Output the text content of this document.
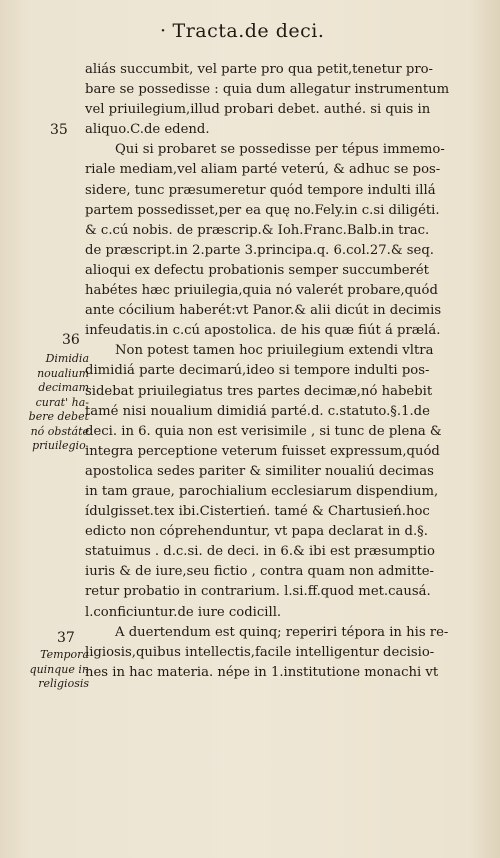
· Tracta.de deci.
35
36
37
Dimidia
noualium
decimam
curat' ha-
bere debet
nó obstáte
priuilegio.
Tempora
quinque in
religiosis
aliás succumbit, vel parte pro qua petit,tenetur pro-
bare se possedisse : quia dum allegatur instrumentum
vel priuilegium,illud probari debet. authé. si quis in
aliquo.C.de edend.
Qui si probaret se possedisse per tépus immemo-
riale mediam,vel aliam parté veterú, & adhuc se pos-
sidere, tunc præsumeretur quód tempore indulti illá
partem possedisset,per ea quę no.Fely.in c.si diligéti.
& c.cú nobis. de præscrip.& Ioh.Franc.Balb.in trac.
de præscript.in 2.parte 3.principa.q. 6.col.27.& seq.
alioqui ex defectu probationis semper succumberét
habétes hæc priuilegia,quia nó valerét probare,quód
ante cócilium haberét:vt Panor.& alii dicút in decimis
infeudatis.in c.cú apostolica. de his quæ fiút á prælá.
Non potest tamen hoc priuilegium extendi vltra
dimidiá parte decimarú,ideo si tempore indulti pos-
sidebat priuilegiatus tres partes decimæ,nó habebit
tamé nisi noualium dimidiá parté.d. c.statuto.§.1.de
deci. in 6. quia non est verisimile , si tunc de plena &
integra perceptione veterum fuisset expressum,quód
apostolica sedes pariter & similiter noualiú decimas
in tam graue, parochialium ecclesiarum dispendium,
ídulgisset.tex ibi.Cistertień. tamé & Chartusień.hoc
edicto non cóprehenduntur, vt papa declarat in d.§.
statuimus . d.c.si. de deci. in 6.& ibi est præsumptio
iuris & de iure,seu fictio , contra quam non admitte-
retur probatio in contrarium. l.si.ff.quod met.causá.
l.conficiuntur.de iure codicill.
A duertendum est quinq; reperiri tépora in his re-
ligiosis,quibus intellectis,facile intelligentur decisio-
nes in hac materia. népe in 1.institutione monachi vt
